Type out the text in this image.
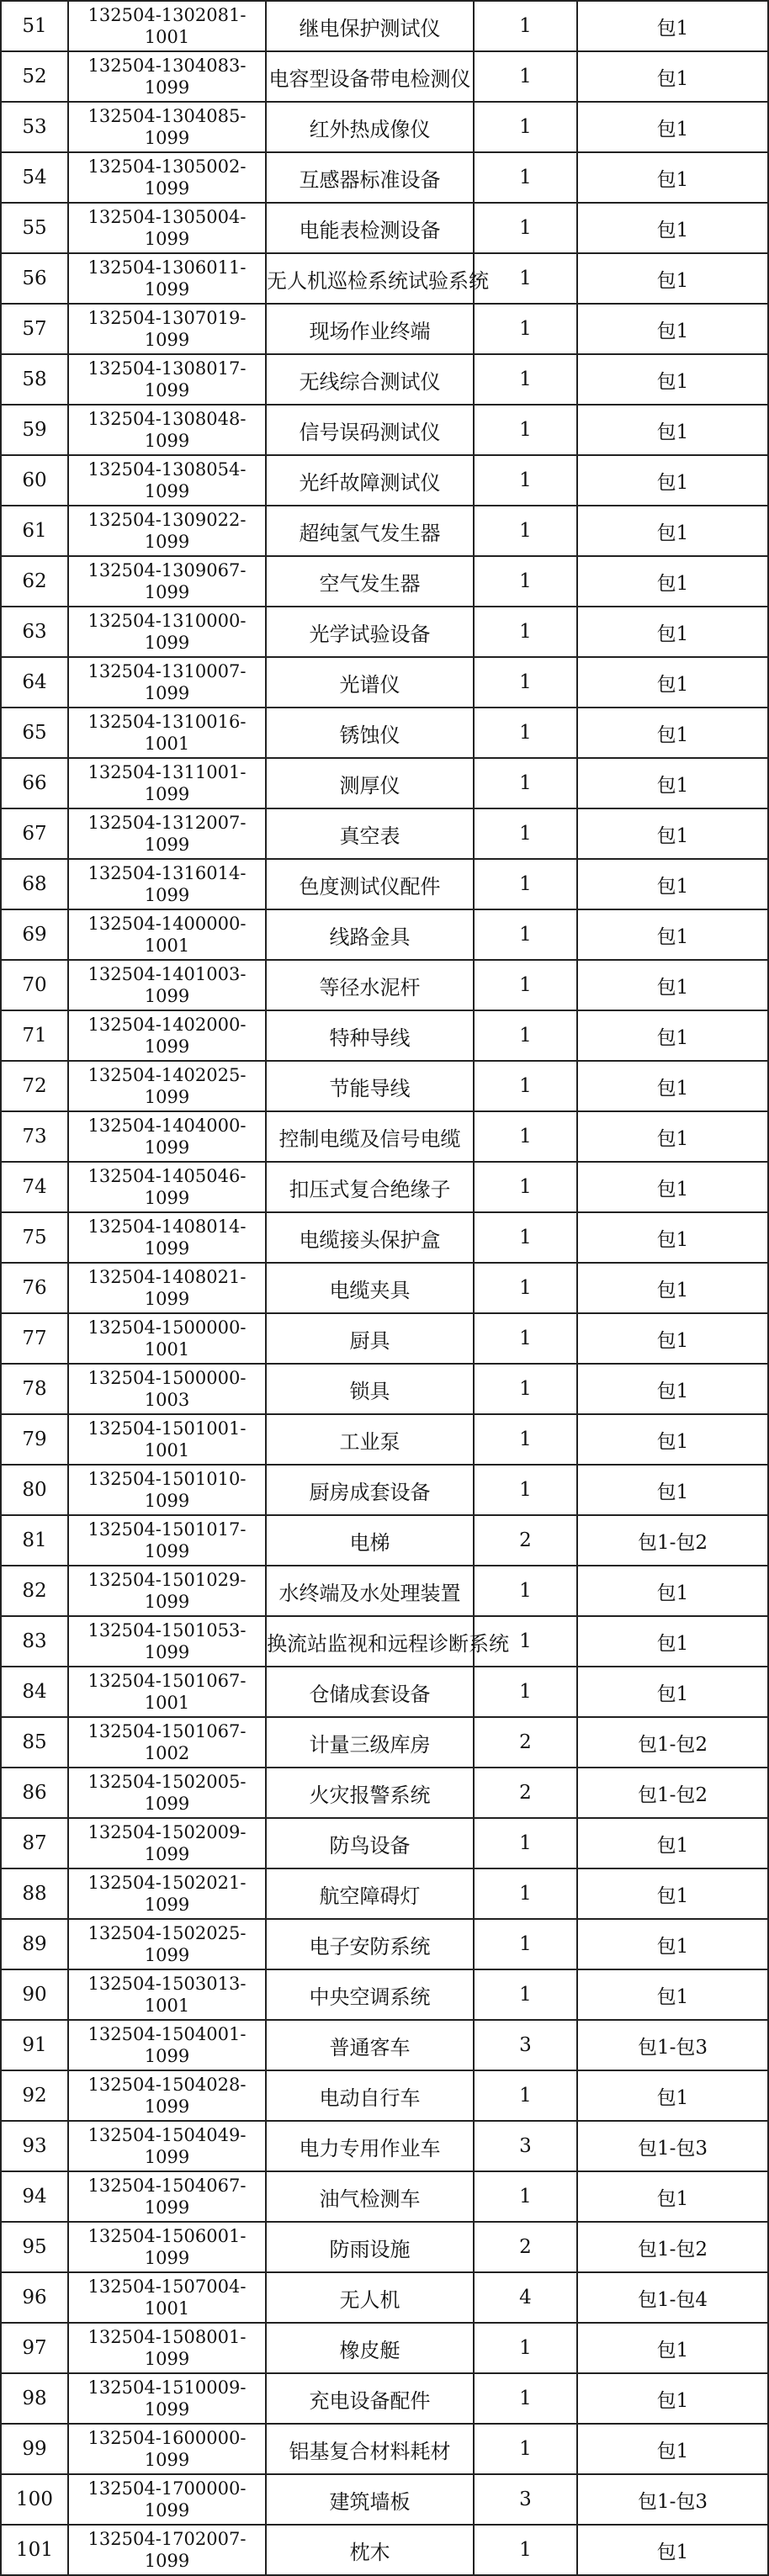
51	132504-1302081-
1001	继电保护测试仪	1	包1
52	132504-1304083-
1099	电容型设备带电检测仪	1	包1
53	132504-1304085-
1099	红外热成像仪	1	包1
54	132504-1305002-
1099	互感器标准设备	1	包1
55	132504-1305004-
1099	电能表检测设备	1	包1
56	132504-1306011-
1099	无人机巡检系统试验系统	1	包1
57	132504-1307019-
1099	现场作业终端	1	包1
58	132504-1308017-
1099	无线综合测试仪	1	包1
59	132504-1308048-
1099	信号误码测试仪	1	包1
60	132504-1308054-
1099	光纤故障测试仪	1	包1
61	132504-1309022-
1099	超纯氢气发生器	1	包1
62	132504-1309067-
1099	空气发生器	1	包1
63	132504-1310000-
1099	光学试验设备	1	包1
64	132504-1310007-
1099	光谱仪	1	包1
65	132504-1310016-
1001	锈蚀仪	1	包1
66	132504-1311001-
1099	测厚仪	1	包1
67	132504-1312007-
1099	真空表	1	包1
68	132504-1316014-
1099	色度测试仪配件	1	包1
69	132504-1400000-
1001	线路金具	1	包1
70	132504-1401003-
1099	等径水泥杆	1	包1
71	132504-1402000-
1099	特种导线	1	包1
72	132504-1402025-
1099	节能导线	1	包1
73	132504-1404000-
1099	控制电缆及信号电缆	1	包1
74	132504-1405046-
1099	扣压式复合绝缘子	1	包1
75	132504-1408014-
1099	电缆接头保护盒	1	包1
76	132504-1408021-
1099	电缆夹具	1	包1
77	132504-1500000-
1001	厨具	1	包1
78	132504-1500000-
1003	锁具	1	包1
79	132504-1501001-
1001	工业泵	1	包1
80	132504-1501010-
1099	厨房成套设备	1	包1
81	132504-1501017-
1099	电梯	2	包1-包2
82	132504-1501029-
1099	水终端及水处理装置	1	包1
83	132504-1501053-
1099	换流站监视和远程诊断系统	1	包1
84	132504-1501067-
1001	仓储成套设备	1	包1
85	132504-1501067-
1002	计量三级库房	2	包1-包2
86	132504-1502005-
1099	火灾报警系统	2	包1-包2
87	132504-1502009-
1099	防鸟设备	1	包1
88	132504-1502021-
1099	航空障碍灯	1	包1
89	132504-1502025-
1099	电子安防系统	1	包1
90	132504-1503013-
1001	中央空调系统	1	包1
91	132504-1504001-
1099	普通客车	3	包1-包3
92	132504-1504028-
1099	电动自行车	1	包1
93	132504-1504049-
1099	电力专用作业车	3	包1-包3
94	132504-1504067-
1099	油气检测车	1	包1
95	132504-1506001-
1099	防雨设施	2	包1-包2
96	132504-1507004-
1001	无人机	4	包1-包4
97	132504-1508001-
1099	橡皮艇	1	包1
98	132504-1510009-
1099	充电设备配件	1	包1
99	132504-1600000-
1099	铝基复合材料耗材	1	包1
100	132504-1700000-
1099	建筑墙板	3	包1-包3
101	132504-1702007-
1099	枕木	1	包1
